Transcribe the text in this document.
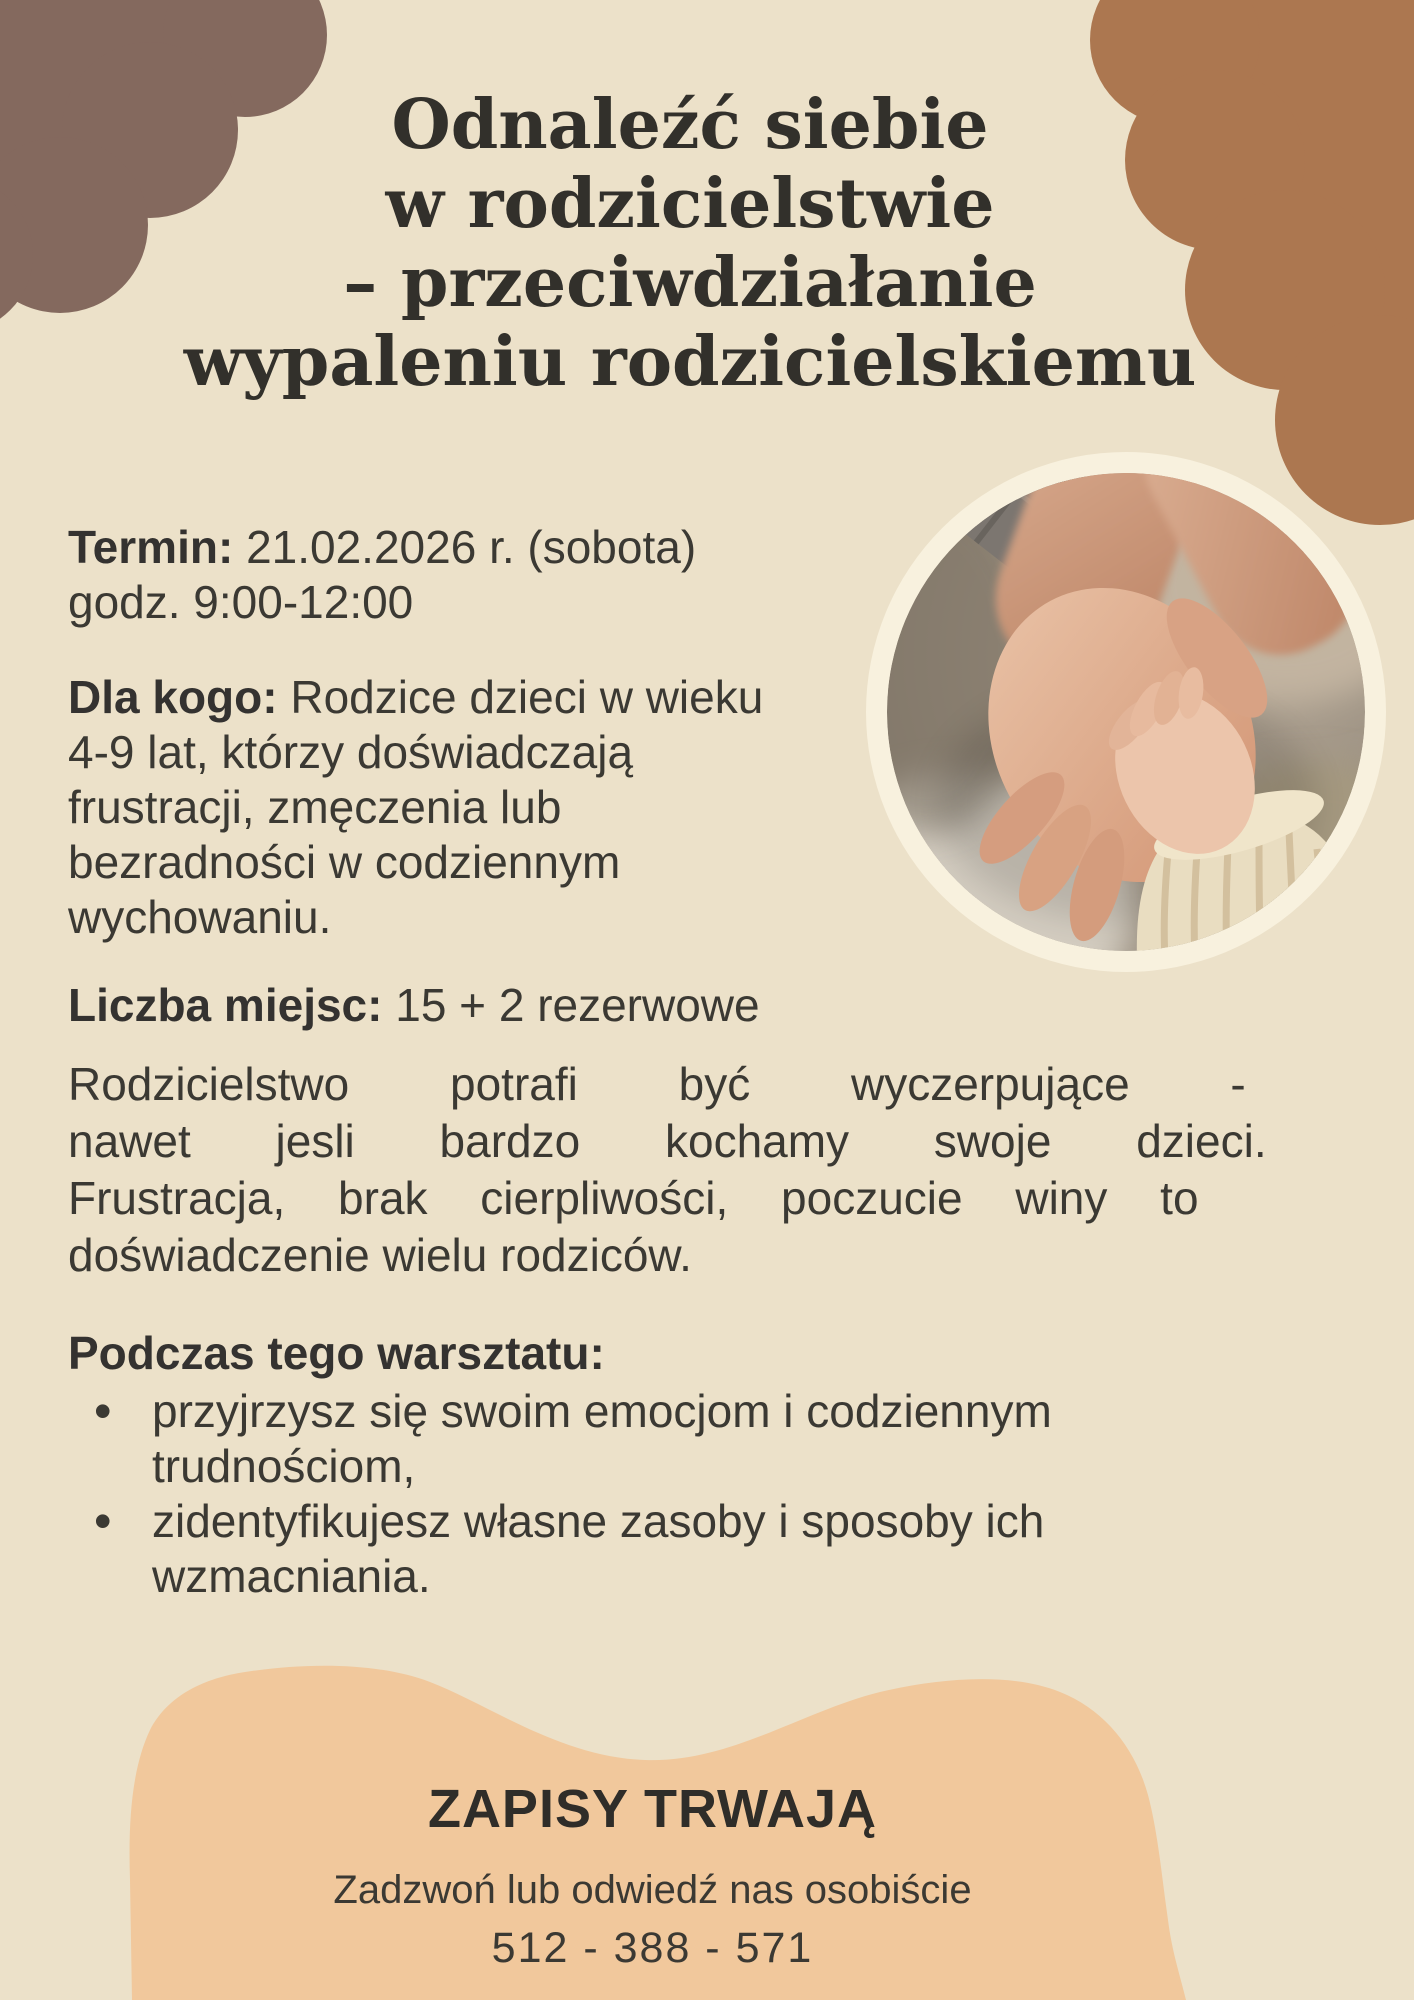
Odnaleźć siebie
w rodzicielstwie
– przeciwdziałanie
wypaleniu rodzicielskiemu
Termin: 21.02.2026 r. (sobota)
godz. 9:00-12:00
Dla kogo: Rodzice dzieci w wieku
4-9 lat, którzy doświadczają
frustracji, zmęczenia lub
bezradności w codziennym
wychowaniu.
Liczba miejsc: 15 + 2 rezerwowe
Rodzicielstwo potrafi być wyczerpujące -
nawet jesli bardzo kochamy swoje dzieci.
Frustracja, brak cierpliwości, poczucie winy to
doświadczenie wielu rodziców.
Podczas tego warsztatu:
• przyjrzysz się swoim emocjom i codziennym
trudnościom,
• zidentyfikujesz własne zasoby i sposoby ich
wzmacniania.
ZAPISY TRWAJĄ
Zadzwoń lub odwiedź nas osobiście
512 - 388 - 571
